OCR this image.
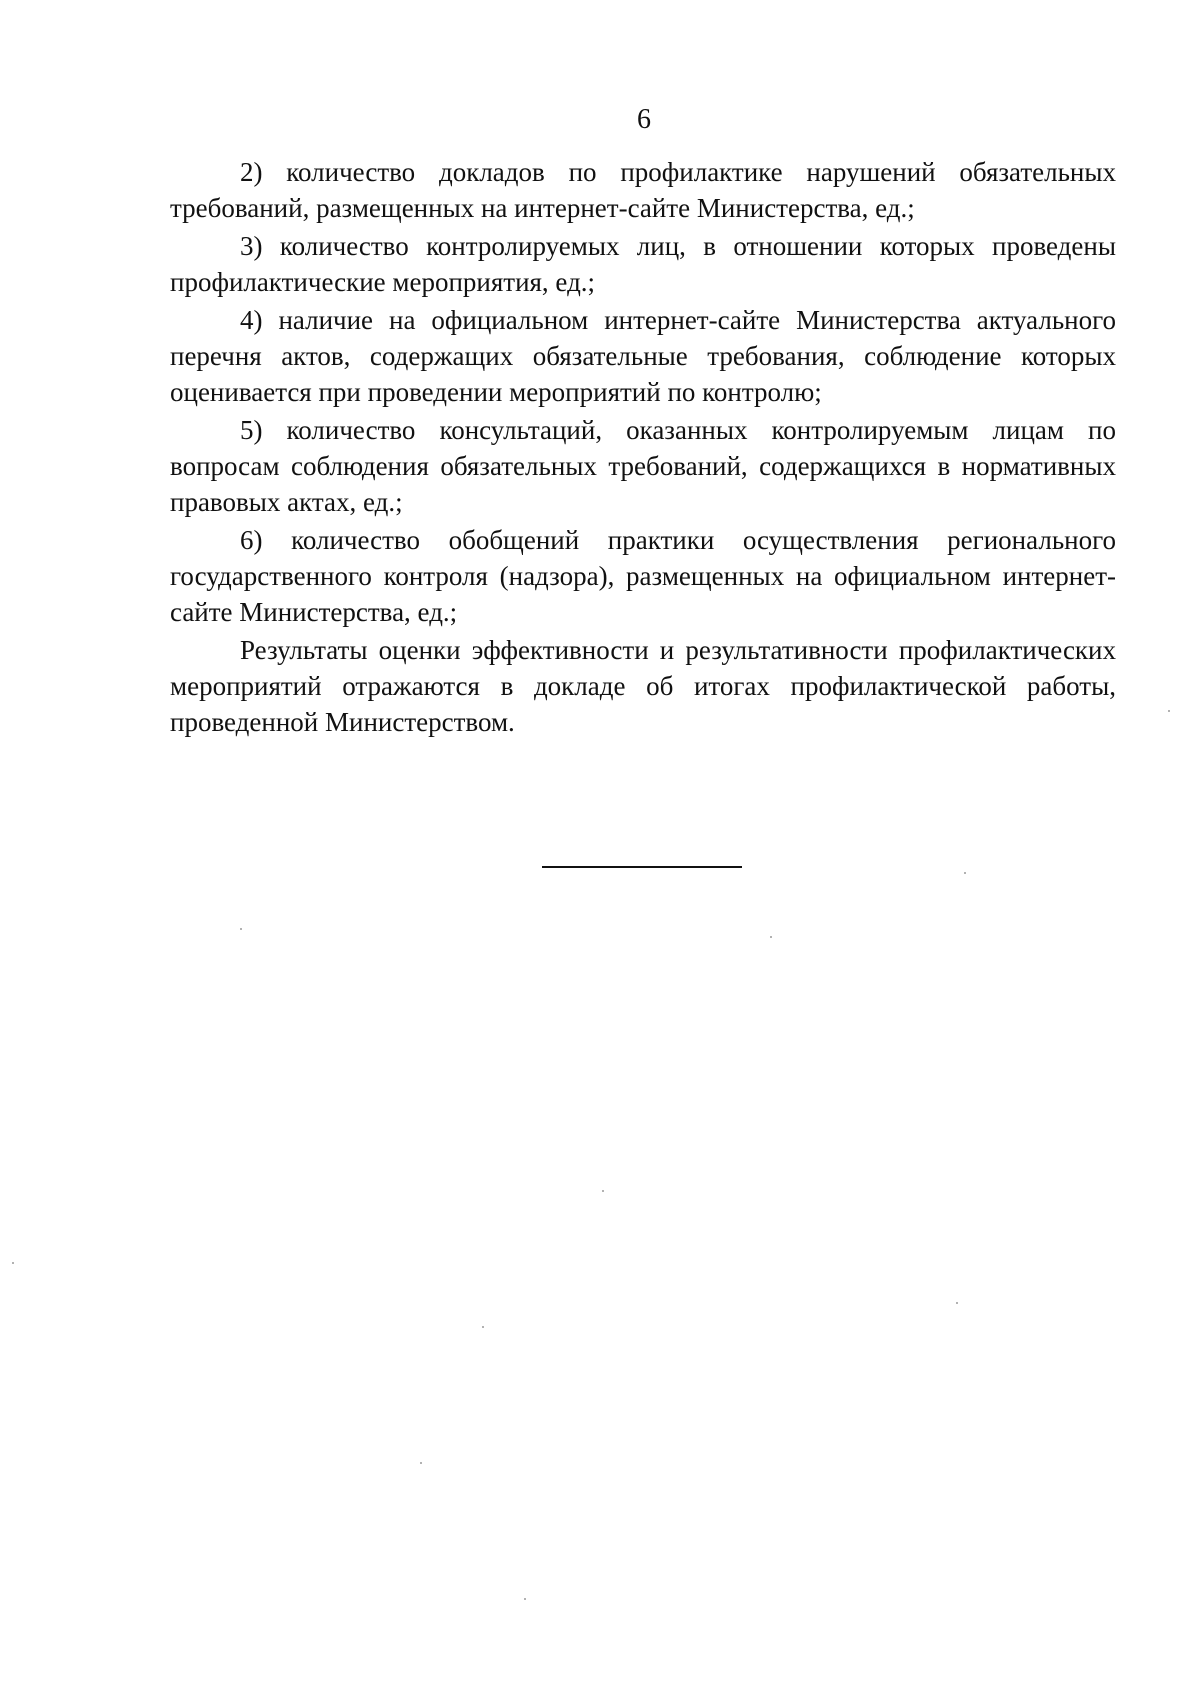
6

2) количество докладов по профилактике нарушений обязательных требований, размещенных на интернет-сайте Министерства, ед.;

3) количество контролируемых лиц, в отношении которых проведены профилактические мероприятия, ед.;

4) наличие на официальном интернет-сайте Министерства актуального перечня актов, содержащих обязательные требования, соблюдение которых оценивается при проведении мероприятий по контролю;

5) количество консультаций, оказанных контролируемым лицам по вопросам соблюдения обязательных требований, содержащихся в нормативных правовых актах, ед.;

6) количество обобщений практики осуществления регионального государственного контроля (надзора), размещенных на официальном интернет-сайте Министерства, ед.;

Результаты оценки эффективности и результативности профилактических мероприятий отражаются в докладе об итогах профилактической работы, проведенной Министерством.
